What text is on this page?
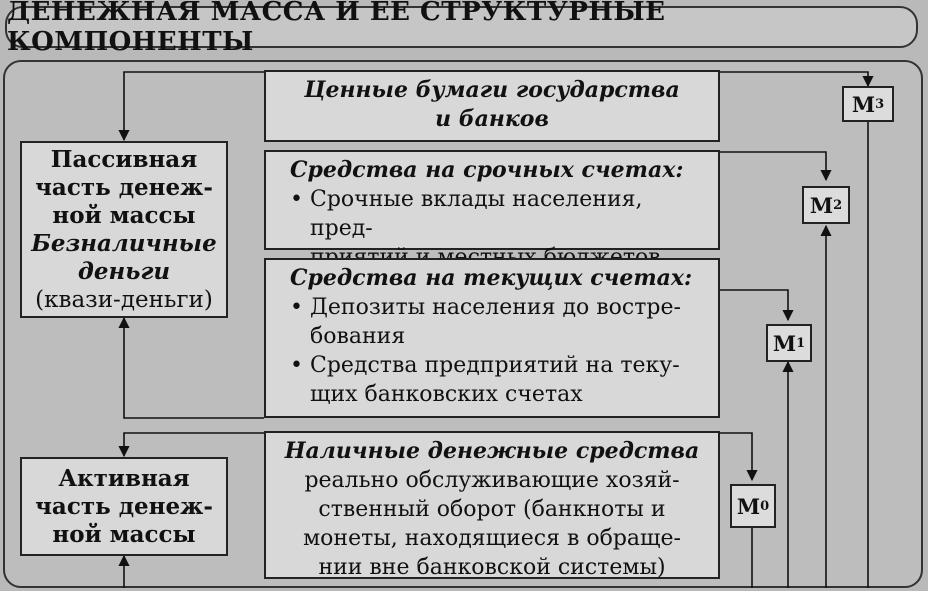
ДЕНЕЖНАЯ МАССА И ЕЕ СТРУКТУРНЫЕ КОМПОНЕНТЫ
Пассивная
часть денеж-
ной массы
Безналичные
деньги
(квази-деньги)
Активная
часть денеж-
ной массы
Ценные бумаги государства
и банков
Средства на срочных счетах:
• Срочные вклады населения, пред-
Средства на текущих счетах:
• Депозиты населения до востре-
бования
• Средства предприятий на теку-
щих банковских счетах
Наличные денежные средства
реально обслуживающие хозяй-
ственный оборот (банкноты и
монеты, находящиеся в обраще-
нии вне банковской системы)
М 3
М 2
М 1
М 0
